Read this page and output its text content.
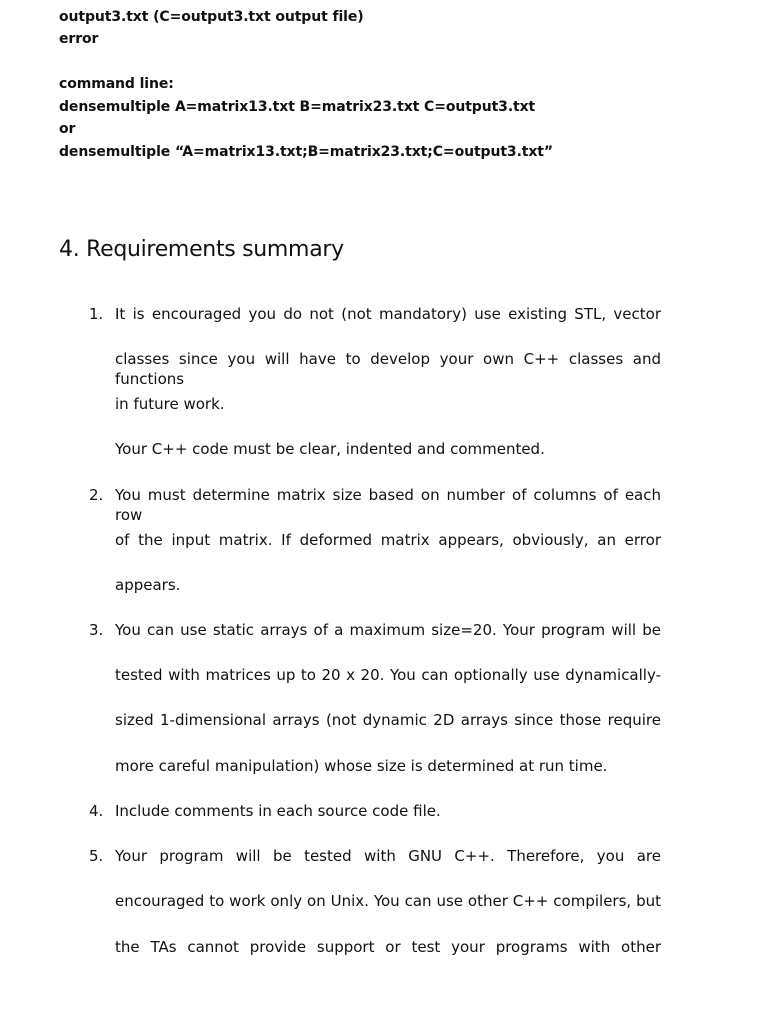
output3.txt (C=output3.txt output file)
error
command line:
densemultiple A=matrix13.txt B=matrix23.txt C=output3.txt
or
densemultiple “A=matrix13.txt;B=matrix23.txt;C=output3.txt”
4. Requirements summary
1. It is encouraged you do not (not mandatory) use existing STL, vector
classes since you will have to develop your own C++ classes and functions
in future work.
Your C++ code must be clear, indented and commented.
2. You must determine matrix size based on number of columns of each row
of the input matrix. If deformed matrix appears, obviously, an error
appears.
3. You can use static arrays of a maximum size=20. Your program will be
tested with matrices up to 20 x 20. You can optionally use dynamically-
sized 1-dimensional arrays (not dynamic 2D arrays since those require
more careful manipulation) whose size is determined at run time.
4. Include comments in each source code file.
5. Your program will be tested with GNU C++. Therefore, you are
encouraged to work only on Unix. You can use other C++ compilers, but
the TAs cannot provide support or test your programs with other
